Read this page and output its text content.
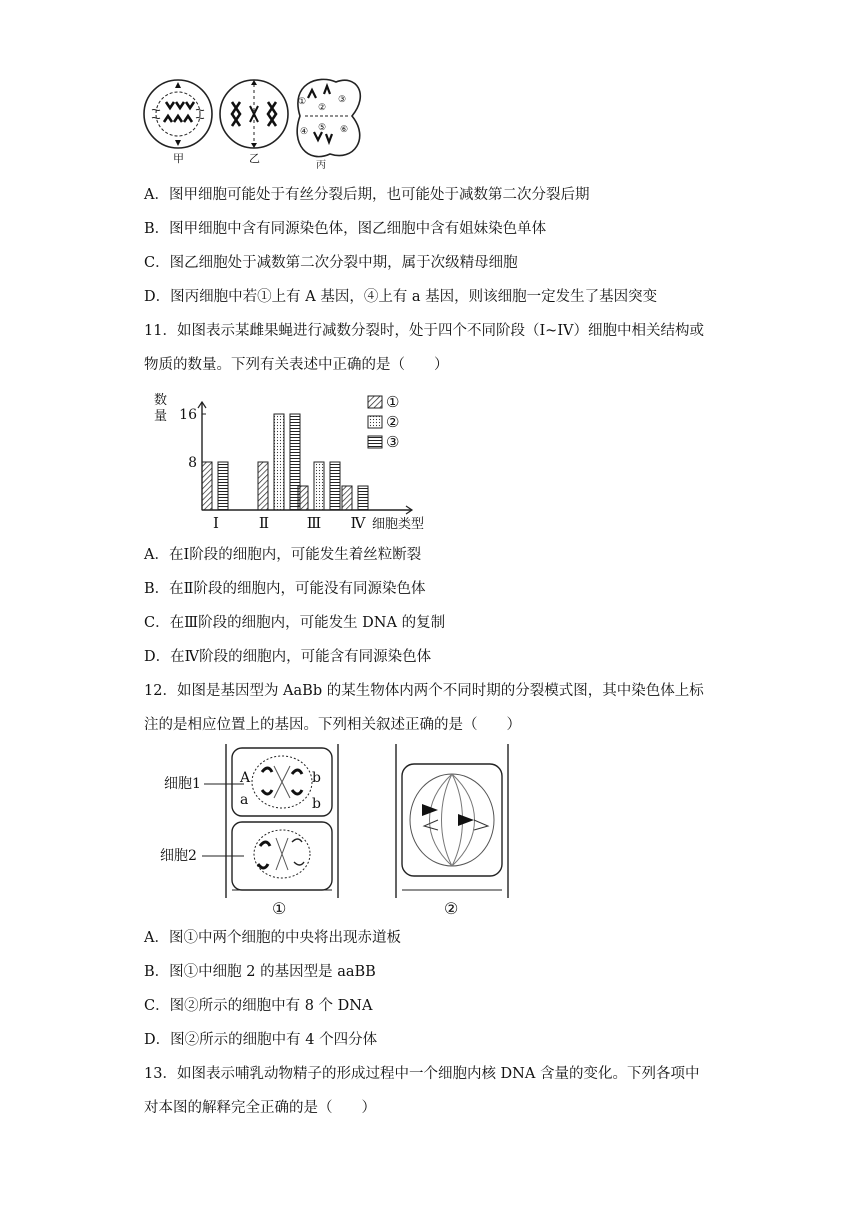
①
②
③
④ ⑤ ⑥
甲	乙
丙
A．图甲细胞可能处于有丝分裂后期，也可能处于减数第二次分裂后期
B．图甲细胞中含有同源染色体，图乙细胞中含有姐妹染色单体
C．图乙细胞处于减数第二次分裂中期，属于次级精母细胞
D．图丙细胞中若①上有 A 基因，④上有 a 基因，则该细胞一定发生了基因突变
11．如图表示某雌果蝇进行减数分裂时，处于四个不同阶段（I~IV）细胞中相关结构或
物质的数量。下列有关表述中正确的是（　　）
数
量
8
16
①
②
③
Ⅰ	Ⅱ	Ⅲ Ⅳ 细胞类型
A．在Ⅰ阶段的细胞内，可能发生着丝粒断裂
B．在Ⅱ阶段的细胞内，可能没有同源染色体
C．在Ⅲ阶段的细胞内，可能发生 DNA 的复制
D．在Ⅳ阶段的细胞内，可能含有同源染色体
12．如图是基因型为 AaBb 的某生物体内两个不同时期的分裂模式图，其中染色体上标
注的是相应位置上的基因。下列相关叙述正确的是（　　）
A
a
b
b
细胞1
细胞2
①	②
A．图①中两个细胞的中央将出现赤道板
B．图①中细胞 2 的基因型是 aaBB
C．图②所示的细胞中有 8 个 DNA
D．图②所示的细胞中有 4 个四分体
13．如图表示哺乳动物精子的形成过程中一个细胞内核 DNA 含量的变化。下列各项中
对本图的解释完全正确的是（　　）
